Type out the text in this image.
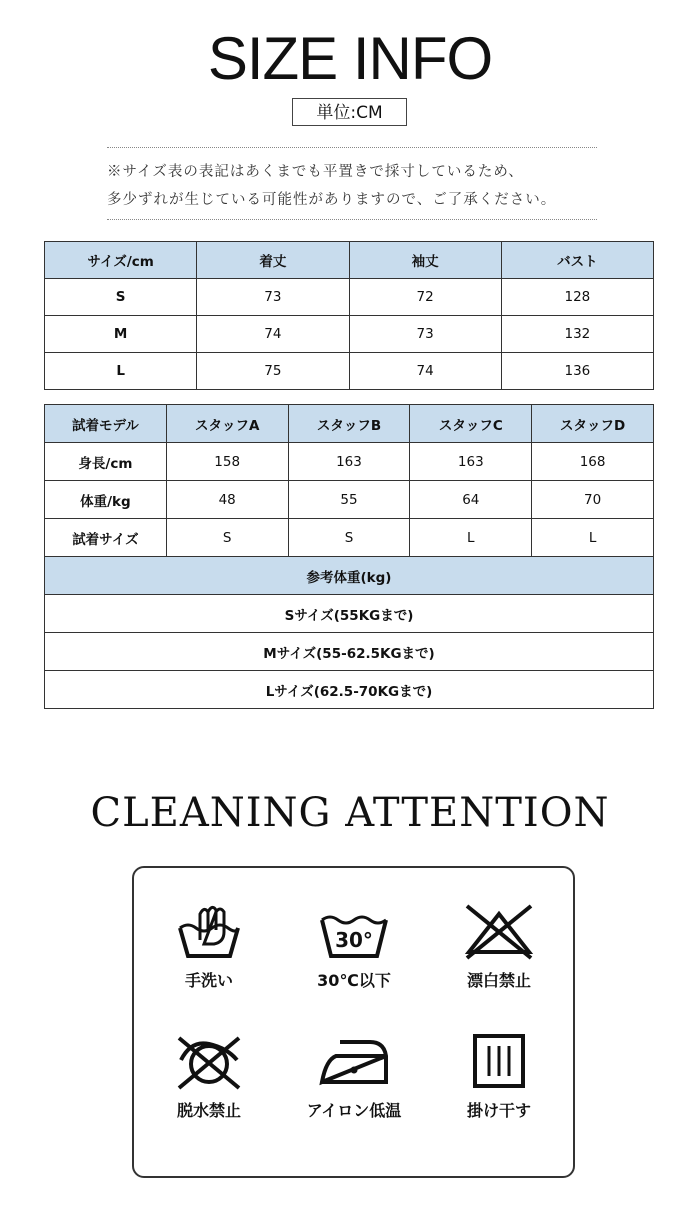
SIZE INFO
単位:CM
※サイズ表の表記はあくまでも平置きで採寸しているため、
多少ずれが生じている可能性がありますので、ご了承ください。
サイズ/cm	着丈	袖丈	バスト
S	73	72	128
M	74	73	132
L	75	74	136
試着モデル	スタッフA	スタッフB	スタッフC	スタッフD
身長/cm	158	163	163	168
体重/kg	48	55	64	70
試着サイズ	S	S	L	L
参考体重(kg)				
Sサイズ(55KGまで)				
Mサイズ(55-62.5KGまで)				
Lサイズ(62.5-70KGまで)				
CLEANING ATTENTION
手洗い
30°
30℃以下	漂白禁止
脱水禁止	アイロン低温	掛け干す
